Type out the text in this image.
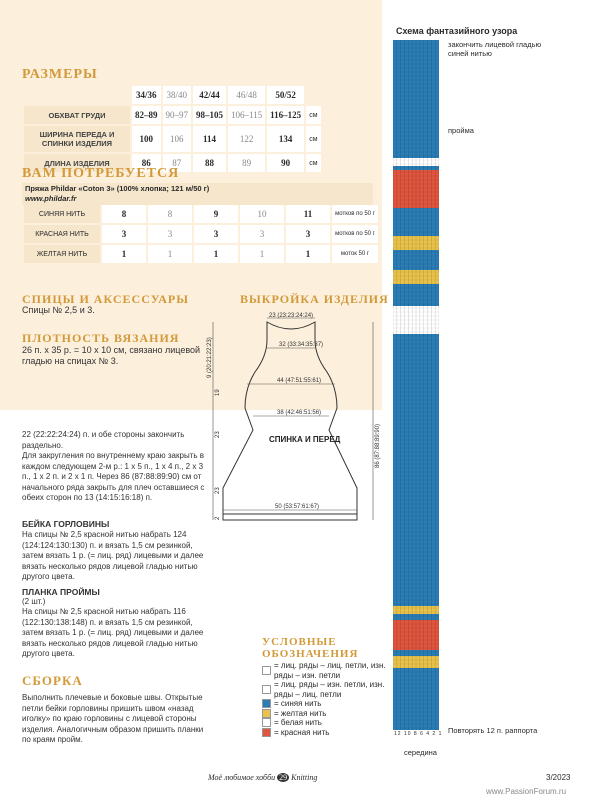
РАЗМЕРЫ
	34/36	38/40	42/44	46/48	50/52	
ОБХВАТ ГРУДИ	82–89	90–97	98–105	106–115	116–125	см
ШИРИНА ПЕРЕДА И СПИНКИ ИЗДЕЛИЯ	100	106	114	122	134	см
ДЛИНА ИЗДЕЛИЯ	86	87	88	89	90	см
ВАМ ПОТРЕБУЕТСЯ
Пряжа Phildar «Coton 3» (100% хлопка; 121 м/50 г)
www.phildar.fr
СИНЯЯ НИТЬ	8	8	9	10	11	мотков по 50 г
КРАСНАЯ НИТЬ	3	3	3	3	3	мотков по 50 г
ЖЕЛТАЯ НИТЬ	1	1	1	1	1	моток 50 г
СПИЦЫ И АКСЕССУАРЫ
Спицы № 2,5 и 3.
ПЛОТНОСТЬ ВЯЗАНИЯ
26 п. х 35 р. = 10 х 10 см, связано лицевой гладью на спицах № 3.
ВЫКРОЙКА ИЗДЕЛИЯ
23 (23:23:24:24)
32 (33:34:35:37)
44 (47:51:55:61)
38 (42:46:51:56)
СПИНКА И ПЕРЕД
50 (53:57:61:67)
9 (20:21:22:23)
19
23
23
2
86 (87:88:89:90)
22 (22:22:24:24) п. и обе стороны закончить раздельно.
Для закругления по внутреннему краю закрыть в каждом следующем 2-м р.: 1 х 5 п., 1 х 4 п., 2 х 3 п., 1 х 2 п. и 2 х 1 п. Через 86 (87:88:89:90) см от начального ряда закрыть для плеч оставшиеся с обеих сторон по 13 (14:15:16:18) п.
БЕЙКА ГОРЛОВИНЫ
На спицы № 2,5 красной нитью набрать 124 (124:124:130:130) п. и вязать 1,5 см резинкой, затем вязать 1 р. (= лиц. ряд) лицевыми и далее вязать несколько рядов лицевой гладью нитью другого цвета.
ПЛАНКА ПРОЙМЫ
(2 шт.)
На спицы № 2,5 красной нитью набрать 116 (122:130:138:148) п. и вязать 1,5 см резинкой, затем вязать 1 р. (= лиц. ряд) лицевыми и далее вязать несколько рядов лицевой гладью нитью другого цвета.
СБОРКА
Выполнить плечевые и боковые швы. Открытые петли бейки горловины пришить швом «назад иголку» по краю горловины с лицевой стороны изделия. Аналогичным образом пришить планки по краям пройм.
УСЛОВНЫЕ ОБОЗНАЧЕНИЯ
= лиц. ряды – лиц. петли, изн. ряды – изн. петли
= лиц. ряды – изн. петли, изн. ряды – лиц. петли
= синяя нить
= желтая нить
= белая нить
= красная нить
Схема фантазийного узора
закончить лицевой гладью синей нитью
пройма
12 10 8 6 4 2 1 Повторять 12 п. раппорта
середина
Моё любимое хобби 29 Knitting	3/2023
www.PassionForum.ru
